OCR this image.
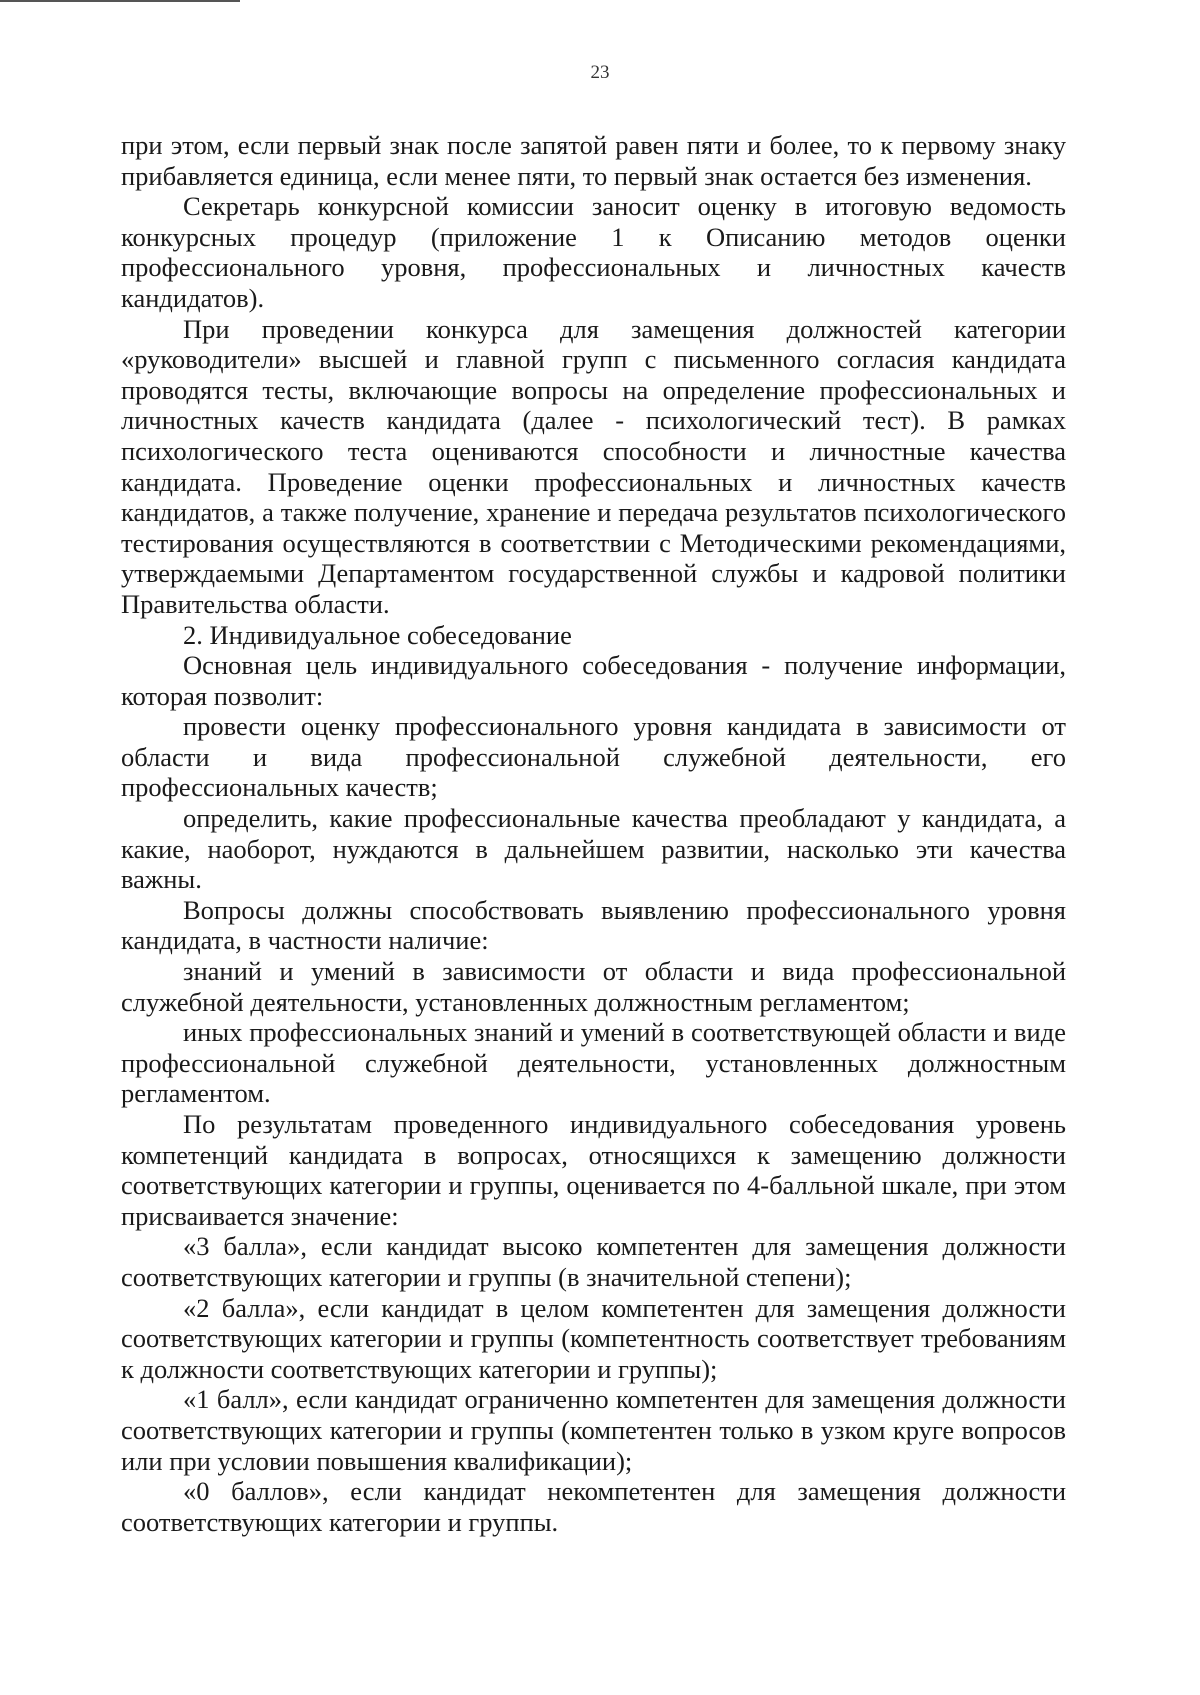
23

при этом, если первый знак после запятой равен пяти и более, то к первому знаку прибавляется единица, если менее пяти, то первый знак остается без изменения.

Секретарь конкурсной комиссии заносит оценку в итоговую ведомость конкурсных процедур (приложение 1 к Описанию методов оценки профессионального уровня, профессиональных и личностных качеств кандидатов).

При проведении конкурса для замещения должностей категории «руководители» высшей и главной групп с письменного согласия кандидата проводятся тесты, включающие вопросы на определение профессиональных и личностных качеств кандидата (далее - психологический тест). В рамках психологического теста оцениваются способности и личностные качества кандидата. Проведение оценки профессиональных и личностных качеств кандидатов, а также получение, хранение и передача результатов психологического тестирования осуществляются в соответствии с Методическими рекомендациями, утверждаемыми Департаментом государственной службы и кадровой политики Правительства области.

2. Индивидуальное собеседование

Основная цель индивидуального собеседования - получение информации, которая позволит:

провести оценку профессионального уровня кандидата в зависимости от области и вида профессиональной служебной деятельности, его профессиональных качеств;

определить, какие профессиональные качества преобладают у кандидата, а какие, наоборот, нуждаются в дальнейшем развитии, насколько эти качества важны.

Вопросы должны способствовать выявлению профессионального уровня кандидата, в частности наличие:

знаний и умений в зависимости от области и вида профессиональной служебной деятельности, установленных должностным регламентом;

иных профессиональных знаний и умений в соответствующей области и виде профессиональной служебной деятельности, установленных должностным регламентом.

По результатам проведенного индивидуального собеседования уровень компетенций кандидата в вопросах, относящихся к замещению должности соответствующих категории и группы, оценивается по 4-балльной шкале, при этом присваивается значение:

«3 балла», если кандидат высоко компетентен для замещения должности соответствующих категории и группы (в значительной степени);

«2 балла», если кандидат в целом компетентен для замещения должности соответствующих категории и группы (компетентность соответствует требованиям к должности соответствующих категории и группы);

«1 балл», если кандидат ограниченно компетентен для замещения должности соответствующих категории и группы (компетентен только в узком круге вопросов или при условии повышения квалификации);

«0 баллов», если кандидат некомпетентен для замещения должности соответствующих категории и группы.
